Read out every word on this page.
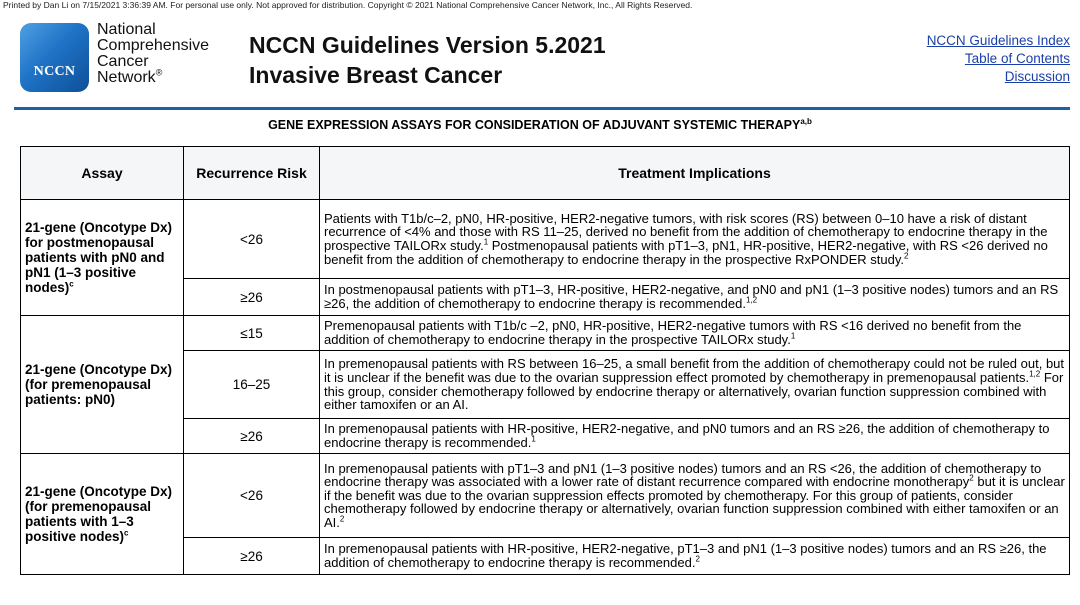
Printed by Dan Li on 7/15/2021 3:36:39 AM. For personal use only. Not approved for distribution. Copyright © 2021 National Comprehensive Cancer Network, Inc., All Rights Reserved.
NCCN
National
Comprehensive
Cancer
Network®
NCCN Guidelines Version 5.2021
Invasive Breast Cancer
NCCN Guidelines Index
Table of Contents
Discussion
GENE EXPRESSION ASSAYS FOR CONSIDERATION OF ADJUVANT SYSTEMIC THERAPY$^{a,b}$
Assay	Recurrence Risk	Treatment Implications
21-gene (Oncotype Dx) for postmenopausal patients with pN0 and pN1 (1–3 positive nodes)$^c$	<26	Patients with T1b/c–2, pN0, HR-positive, HER2-negative tumors, with risk scores (RS) between 0–10 have a risk of distant recurrence of <4% and those with RS 11–25, derived no benefit from the addition of chemotherapy to endocrine therapy in the prospective TAILORx study.$^1$ Postmenopausal patients with pT1–3, pN1, HR-positive, HER2-negative, with RS <26 derived no benefit from the addition of chemotherapy to endocrine therapy in the prospective RxPONDER study.$^2$
	≥26	In postmenopausal patients with pT1–3, HR-positive, HER2-negative, and pN0 and pN1 (1–3 positive nodes) tumors and an RS ≥26, the addition of chemotherapy to endocrine therapy is recommended.$^{1,2}$
21-gene (Oncotype Dx) (for premenopausal patients: pN0)	≤15	Premenopausal patients with T1b/c –2, pN0, HR-positive, HER2-negative tumors with RS <16 derived no benefit from the addition of chemotherapy to endocrine therapy in the prospective TAILORx study.$^1$
	16–25	In premenopausal patients with RS between 16–25, a small benefit from the addition of chemotherapy could not be ruled out, but it is unclear if the benefit was due to the ovarian suppression effect promoted by chemotherapy in premenopausal patients.$^{1,2}$ For this group, consider chemotherapy followed by endocrine therapy or alternatively, ovarian function suppression combined with either tamoxifen or an AI.
	≥26	In premenopausal patients with HR-positive, HER2-negative, and pN0 tumors and an RS ≥26, the addition of chemotherapy to endocrine therapy is recommended.$^1$
21-gene (Oncotype Dx) (for premenopausal patients with 1–3 positive nodes)$^c$	<26	In premenopausal patients with pT1–3 and pN1 (1–3 positive nodes) tumors and an RS <26, the addition of chemotherapy to endocrine therapy was associated with a lower rate of distant recurrence compared with endocrine monotherapy$^2$ but it is unclear if the benefit was due to the ovarian suppression effects promoted by chemotherapy. For this group of patients, consider chemotherapy followed by endocrine therapy or alternatively, ovarian function suppression combined with either tamoxifen or an AI.$^2$
	≥26	In premenopausal patients with HR-positive, HER2-negative, pT1–3 and pN1 (1–3 positive nodes) tumors and an RS ≥26, the addition of chemotherapy to endocrine therapy is recommended.$^2$
